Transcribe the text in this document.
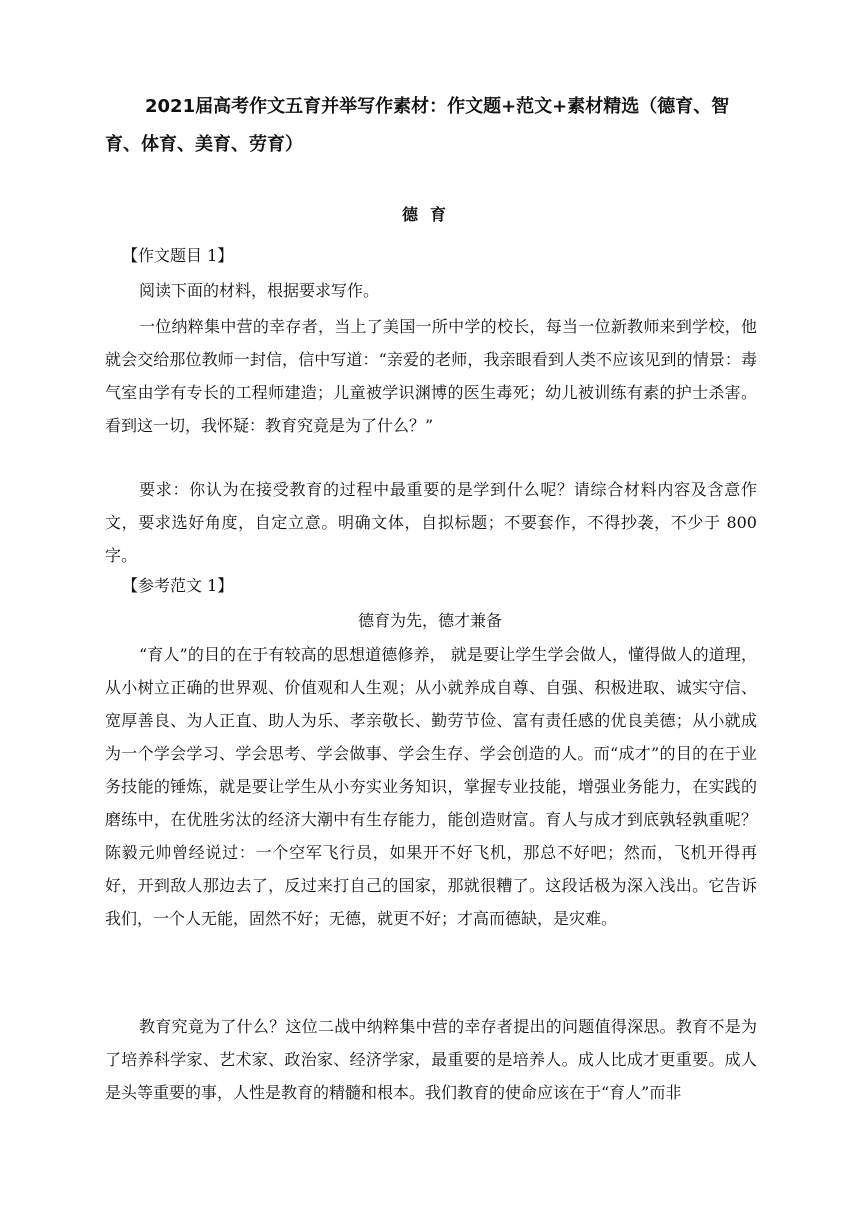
2021届高考作文五育并举写作素材：作文题+范文+素材精选（德育、智育、体育、美育、劳育）

德育

【作文题目 1】

阅读下面的材料，根据要求写作。

一位纳粹集中营的幸存者，当上了美国一所中学的校长，每当一位新教师来到学校，他就会交给那位教师一封信，信中写道：“亲爱的老师，我亲眼看到人类不应该见到的情景：毒气室由学有专长的工程师建造；儿童被学识渊博的医生毒死；幼儿被训练有素的护士杀害。看到这一切，我怀疑：教育究竟是为了什么？”

要求：你认为在接受教育的过程中最重要的是学到什么呢？请综合材料内容及含意作文，要求选好角度，自定立意。明确文体，自拟标题；不要套作，不得抄袭，不少于 800 字。

【参考范文 1】

德育为先，德才兼备

“育人”的目的在于有较高的思想道德修养， 就是要让学生学会做人，懂得做人的道理，从小树立正确的世界观、价值观和人生观；从小就养成自尊、自强、积极进取、诚实守信、宽厚善良、为人正直、助人为乐、孝亲敬长、勤劳节俭、富有责任感的优良美德；从小就成为一个学会学习、学会思考、学会做事、学会生存、学会创造的人。而“成才”的目的在于业务技能的锤炼，就是要让学生从小夯实业务知识，掌握专业技能，增强业务能力，在实践的磨练中，在优胜劣汰的经济大潮中有生存能力，能创造财富。育人与成才到底孰轻孰重呢？陈毅元帅曾经说过：一个空军飞行员，如果开不好飞机，那总不好吧；然而，飞机开得再好，开到敌人那边去了，反过来打自己的国家，那就很糟了。这段话极为深入浅出。它告诉我们，一个人无能，固然不好；无德，就更不好；才高而德缺，是灾难。

教育究竟为了什么？这位二战中纳粹集中营的幸存者提出的问题值得深思。教育不是为了培养科学家、艺术家、政治家、经济学家，最重要的是培养人。成人比成才更重要。成人是头等重要的事，人性是教育的精髓和根本。我们教育的使命应该在于“育人”而非
